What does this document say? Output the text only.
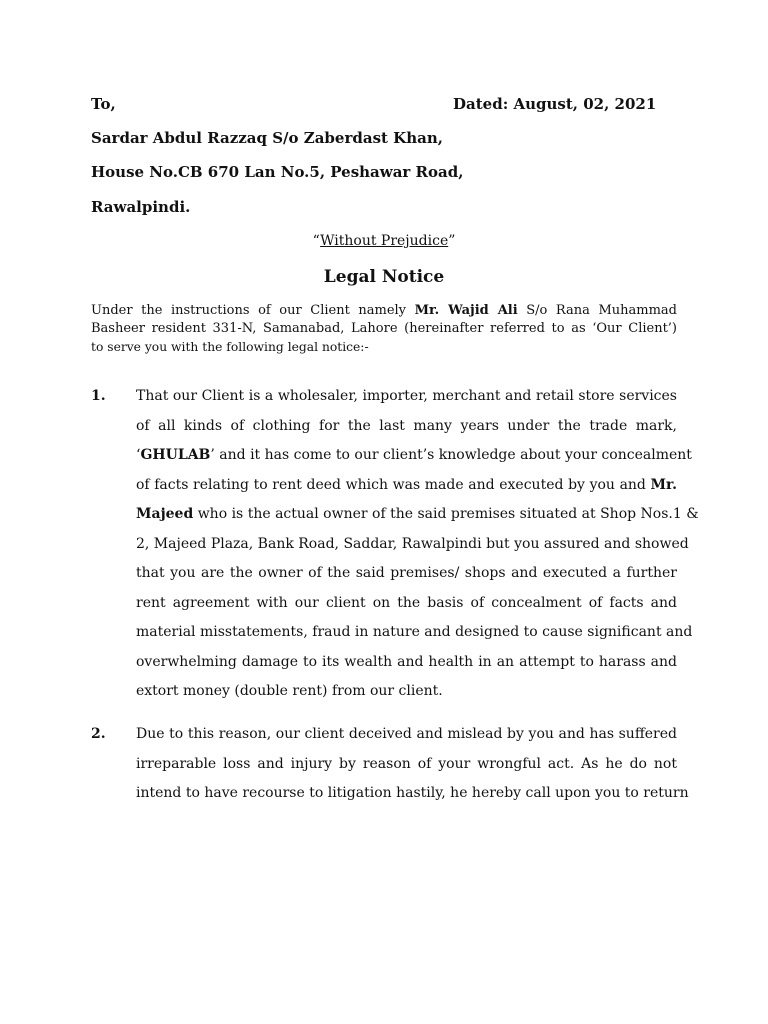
To,	Dated: August, 02, 2021
Sardar Abdul Razzaq S/o Zaberdast Khan,
House No.CB 670 Lan No.5, Peshawar Road,
Rawalpindi.
“Without Prejudice”
Legal Notice
Under the instructions of our Client namely Mr. Wajid Ali S/o Rana Muhammad
Basheer resident 331-N, Samanabad, Lahore (hereinafter referred to as ‘Our Client’)
to serve you with the following legal notice:-
1. That our Client is a wholesaler, importer, merchant and retail store services
of all kinds of clothing for the last many years under the trade mark,
‘GHULAB’ and it has come to our client’s knowledge about your concealment
of facts relating to rent deed which was made and executed by you and Mr.
Majeed who is the actual owner of the said premises situated at Shop Nos.1 &
2, Majeed Plaza, Bank Road, Saddar, Rawalpindi but you assured and showed
that you are the owner of the said premises/ shops and executed a further
rent agreement with our client on the basis of concealment of facts and
material misstatements, fraud in nature and designed to cause significant and
overwhelming damage to its wealth and health in an attempt to harass and
extort money (double rent) from our client.
2. Due to this reason, our client deceived and mislead by you and has suffered
irreparable loss and injury by reason of your wrongful act. As he do not
intend to have recourse to litigation hastily, he hereby call upon you to return
